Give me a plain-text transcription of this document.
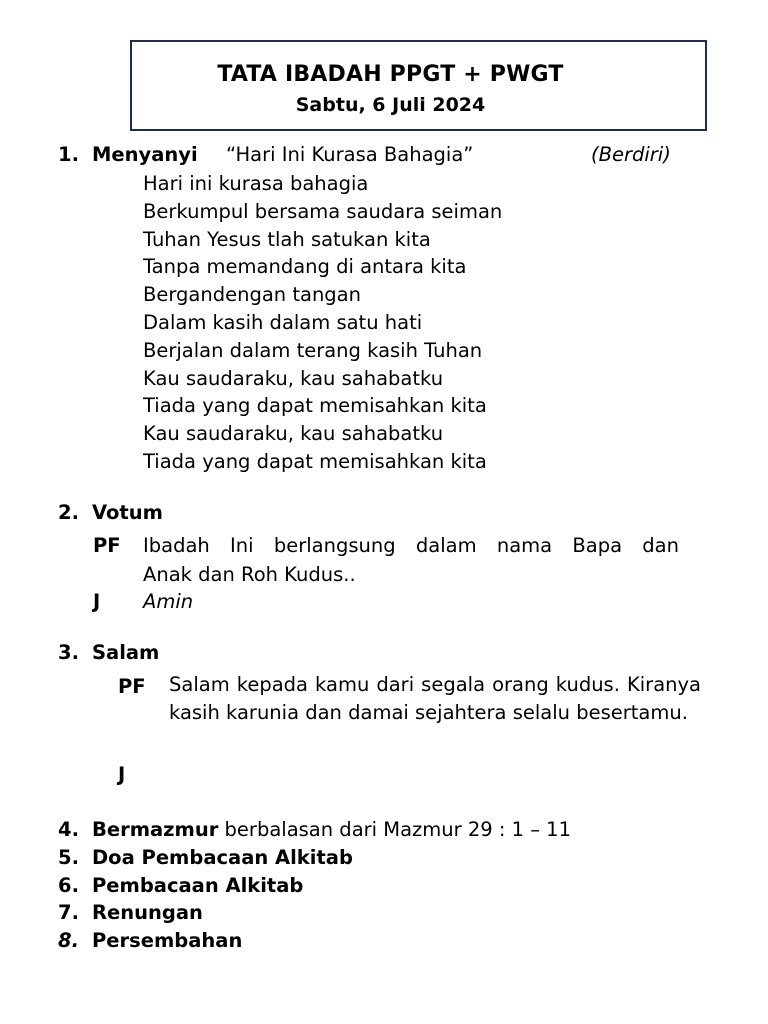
TATA IBADAH PPGT + PWGT
Sabtu, 6 Juli 2024
1. Menyanyi “Hari Ini Kurasa Bahagia”	(Berdiri)
Hari ini kurasa bahagia
Berkumpul bersama saudara seiman
Tuhan Yesus tlah satukan kita
Tanpa memandang di antara kita
Bergandengan tangan
Dalam kasih dalam satu hati
Berjalan dalam terang kasih Tuhan
Kau saudaraku, kau sahabatku
Tiada yang dapat memisahkan kita
Kau saudaraku, kau sahabatku
Tiada yang dapat memisahkan kita
2. Votum
PF Ibadah Ini berlangsung dalam nama Bapa dan
Anak dan Roh Kudus..
J Amin
3. Salam
PF Salam kepada kamu dari segala orang kudus. Kiranya kasih karunia dan damai sejahtera selalu besertamu.
J
4. Bermazmur berbalasan dari Mazmur 29 : 1 – 11
5. Doa Pembacaan Alkitab
6. Pembacaan Alkitab
7. Renungan
8. Persembahan
